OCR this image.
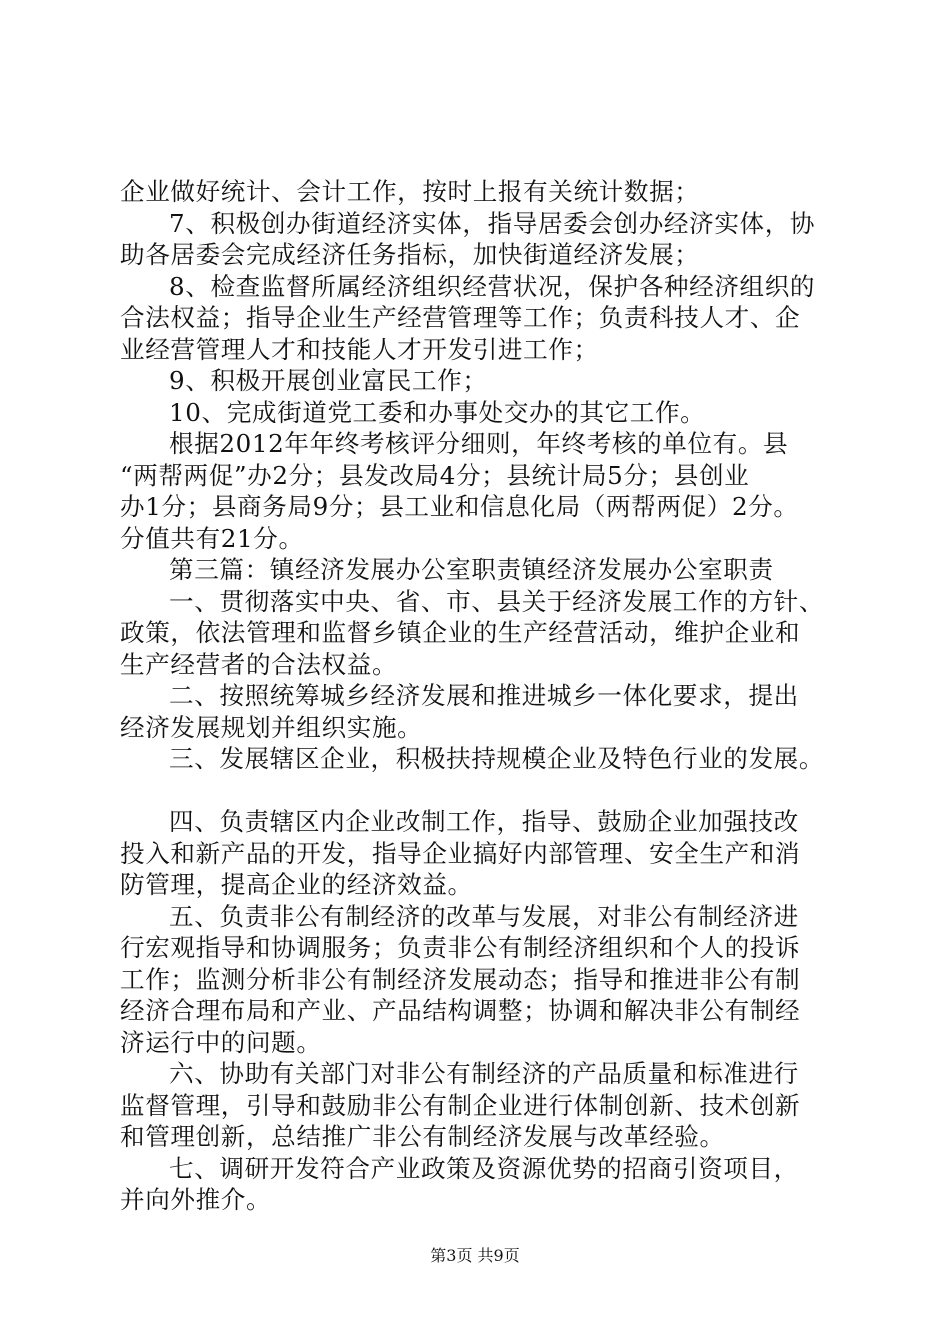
企业做好统计、会计工作，按时上报有关统计数据；
7、积极创办街道经济实体，指导居委会创办经济实体，协
助各居委会完成经济任务指标，加快街道经济发展；
8、检查监督所属经济组织经营状况，保护各种经济组织的
合法权益；指导企业生产经营管理等工作；负责科技人才、企
业经营管理人才和技能人才开发引进工作；
9、积极开展创业富民工作；
10、完成街道党工委和办事处交办的其它工作。
根据2012年年终考核评分细则，年终考核的单位有。县
“两帮两促”办2分；县发改局4分；县统计局5分；县创业
办1分；县商务局9分；县工业和信息化局（两帮两促）2分。
分值共有21分。
第三篇：镇经济发展办公室职责镇经济发展办公室职责
一、贯彻落实中央、省、市、县关于经济发展工作的方针、
政策，依法管理和监督乡镇企业的生产经营活动，维护企业和
生产经营者的合法权益。
二、按照统筹城乡经济发展和推进城乡一体化要求，提出
经济发展规划并组织实施。
三、发展辖区企业，积极扶持规模企业及特色行业的发展。
四、负责辖区内企业改制工作，指导、鼓励企业加强技改
投入和新产品的开发，指导企业搞好内部管理、安全生产和消
防管理，提高企业的经济效益。
五、负责非公有制经济的改革与发展，对非公有制经济进
行宏观指导和协调服务；负责非公有制经济组织和个人的投诉
工作；监测分析非公有制经济发展动态；指导和推进非公有制
经济合理布局和产业、产品结构调整；协调和解决非公有制经
济运行中的问题。
六、协助有关部门对非公有制经济的产品质量和标准进行
监督管理，引导和鼓励非公有制企业进行体制创新、技术创新
和管理创新，总结推广非公有制经济发展与改革经验。
七、调研开发符合产业政策及资源优势的招商引资项目，
并向外推介。
第3页 共9页
